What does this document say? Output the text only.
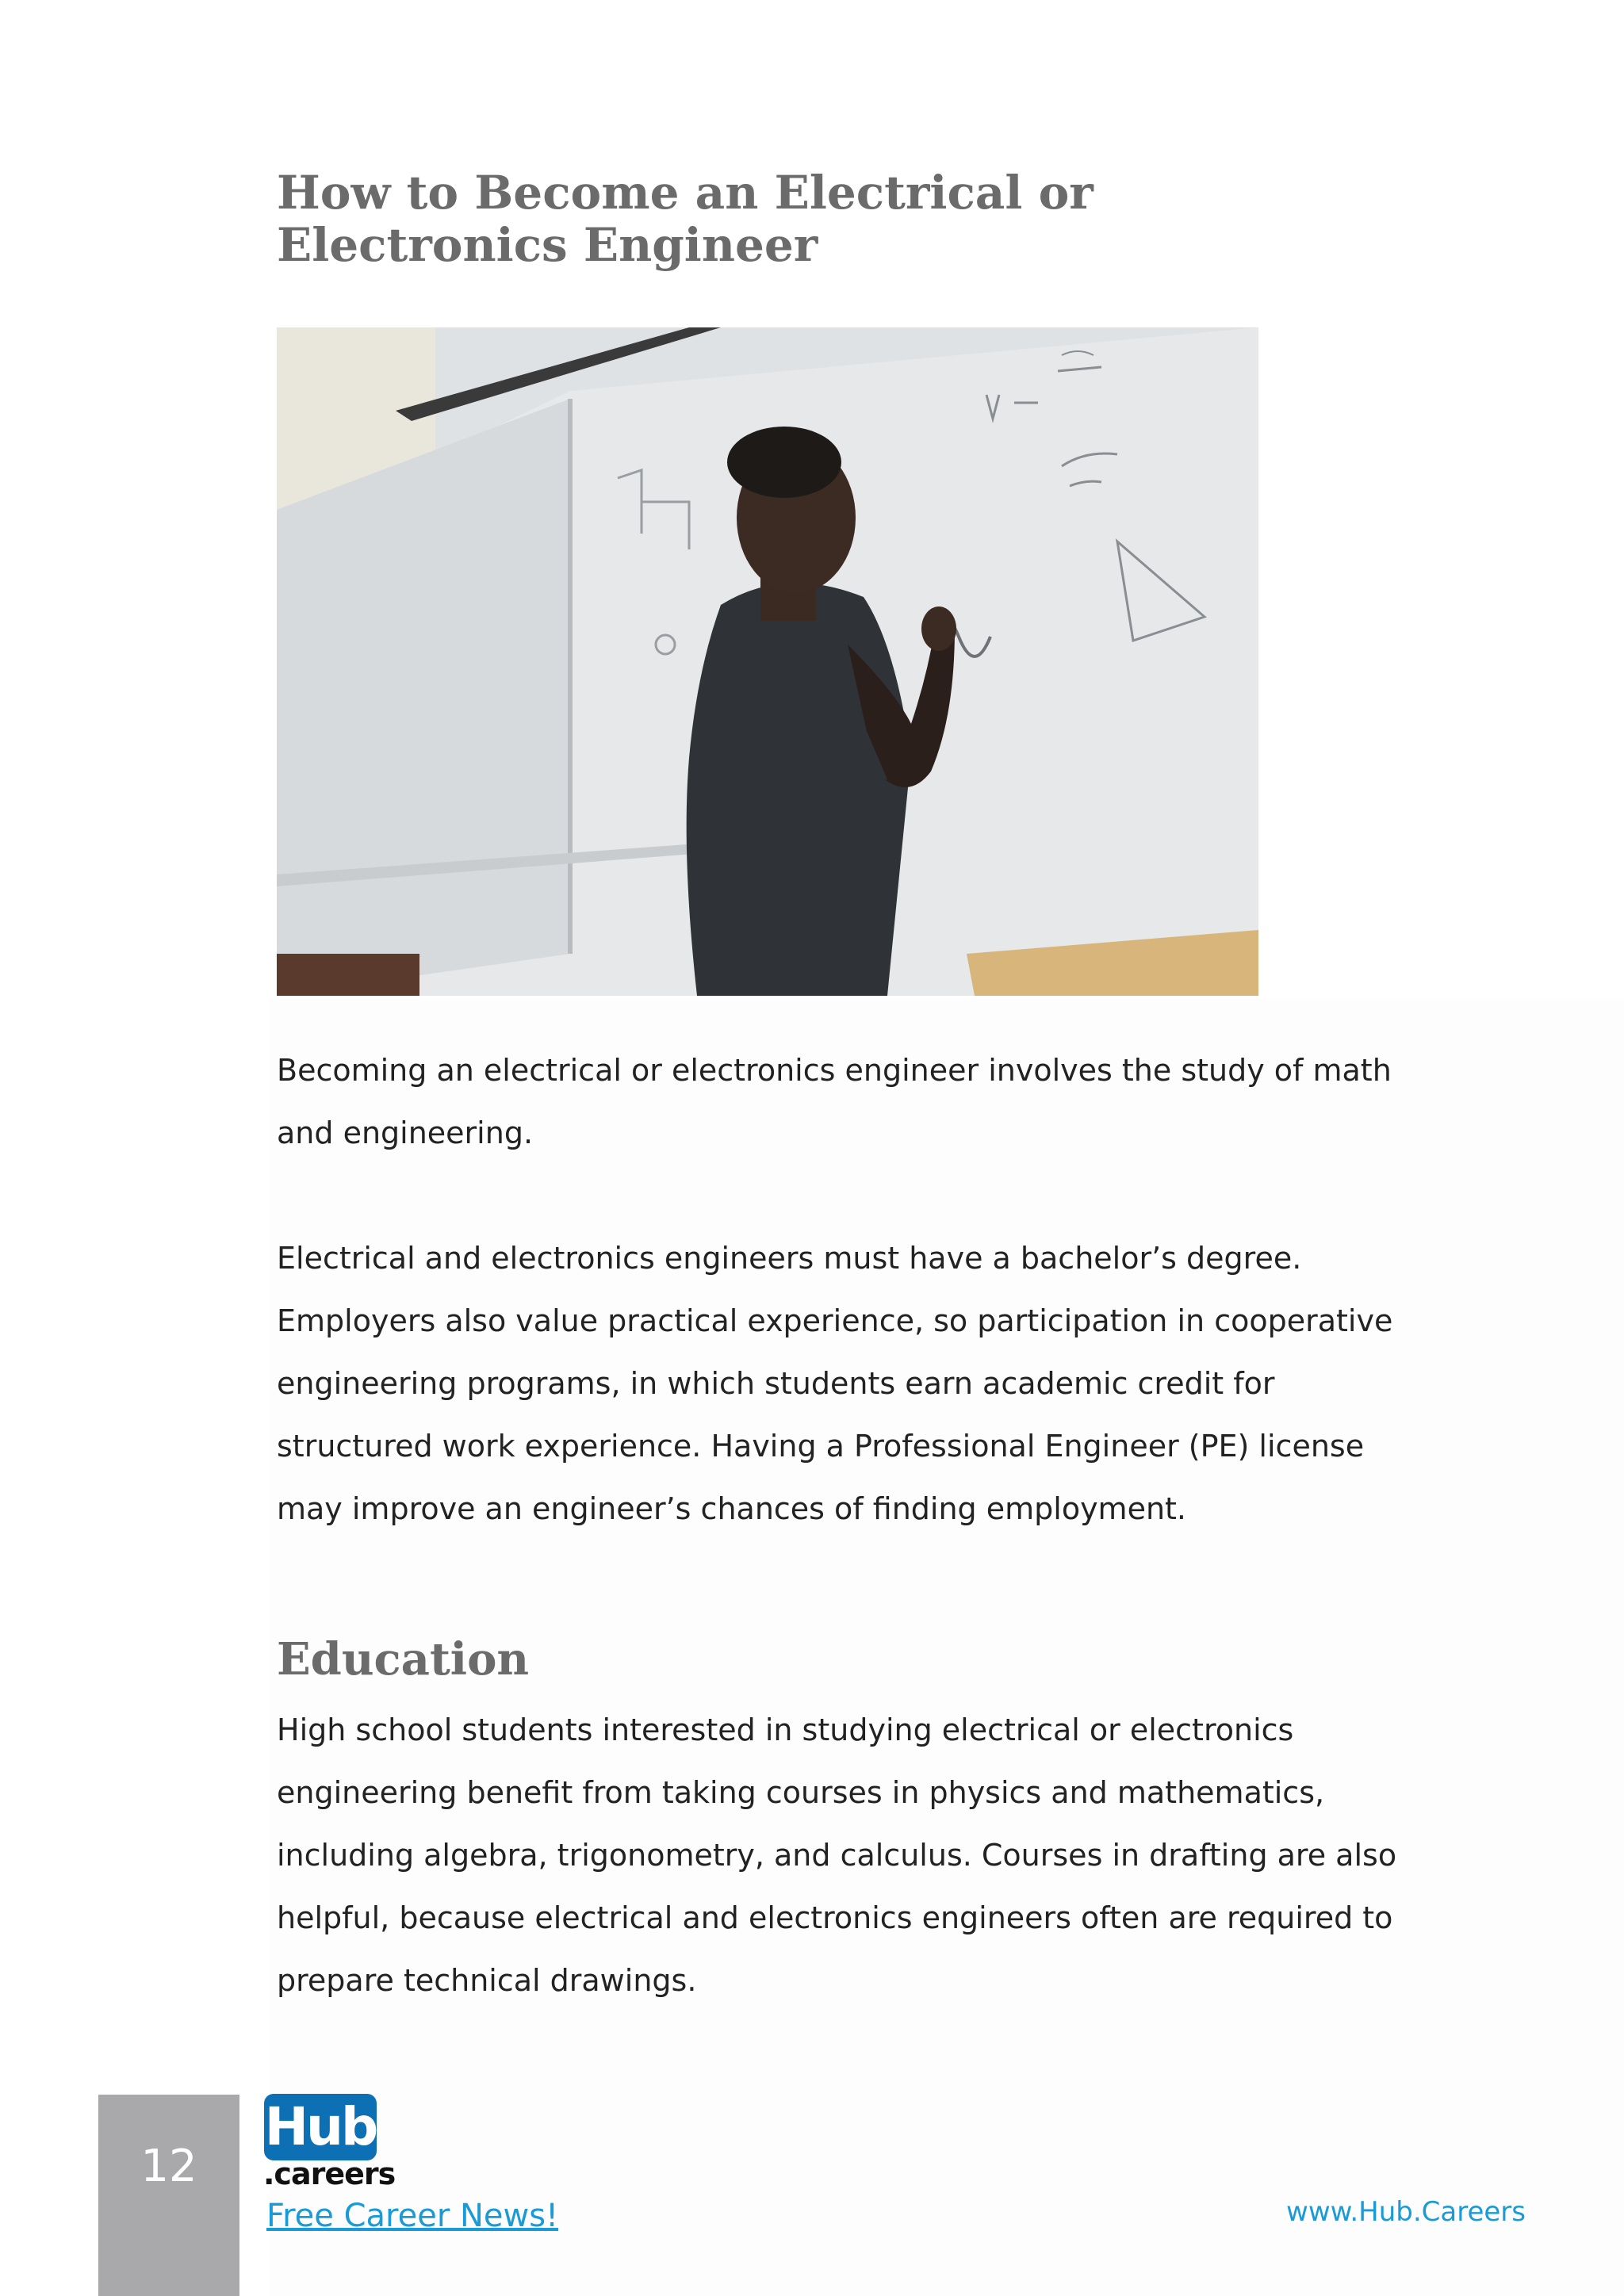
How to Become an Electrical or Electronics Engineer

Becoming an electrical or electronics engineer involves the study of math and engineering.

Electrical and electronics engineers must have a bachelor’s degree. Employers also value practical experience, so participation in cooperative engineering programs, in which students earn academic credit for structured work experience. Having a Professional Engineer (PE) license may improve an engineer’s chances of finding employment.

Education

High school students interested in studying electrical or electronics engineering benefit from taking courses in physics and mathematics, including algebra, trigonometry, and calculus. Courses in drafting are also helpful, because electrical and electronics engineers often are required to prepare technical drawings.

12
Hub
.careers
Free Career News!	www.Hub.Careers
